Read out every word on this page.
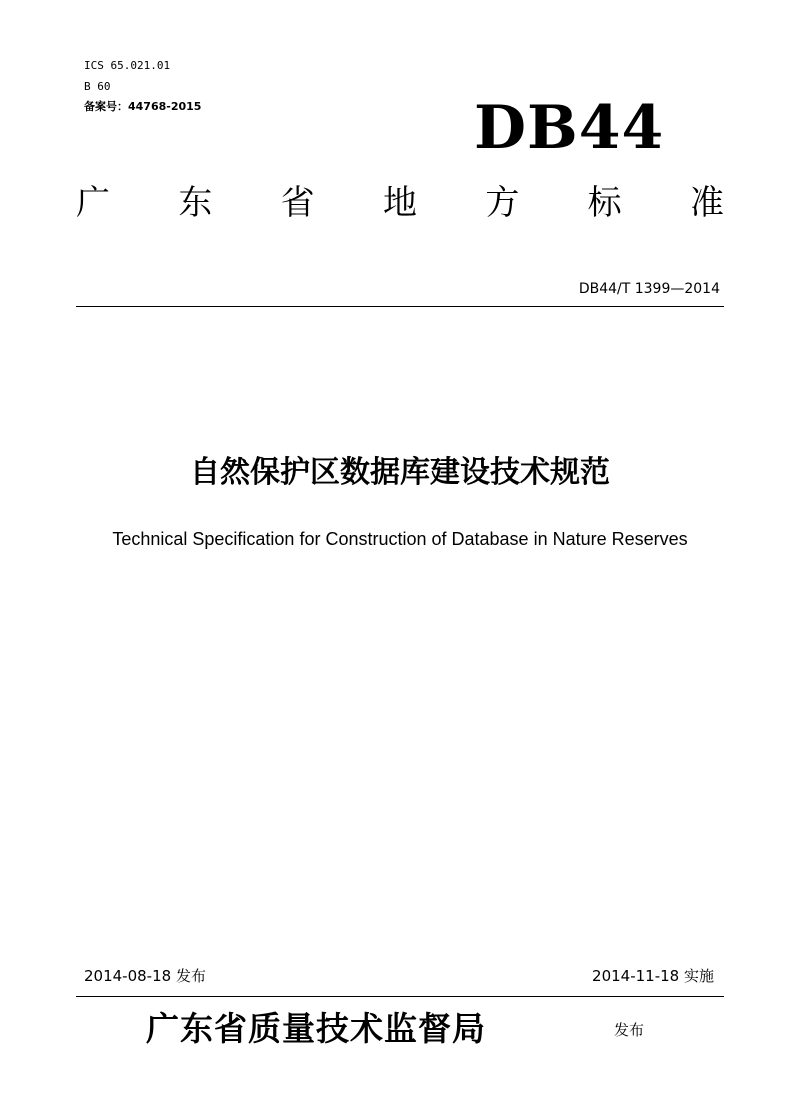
ICS 65.021.01
B 60
备案号：44768-2015	DB44
广 东 省 地 方 标 准
DB44/T 1399—2014
自然保护区数据库建设技术规范
Technical Specification for Construction of Database in Nature Reserves
2014-08-18 发布	2014-11-18 实施
广东省质量技术监督局	发布
